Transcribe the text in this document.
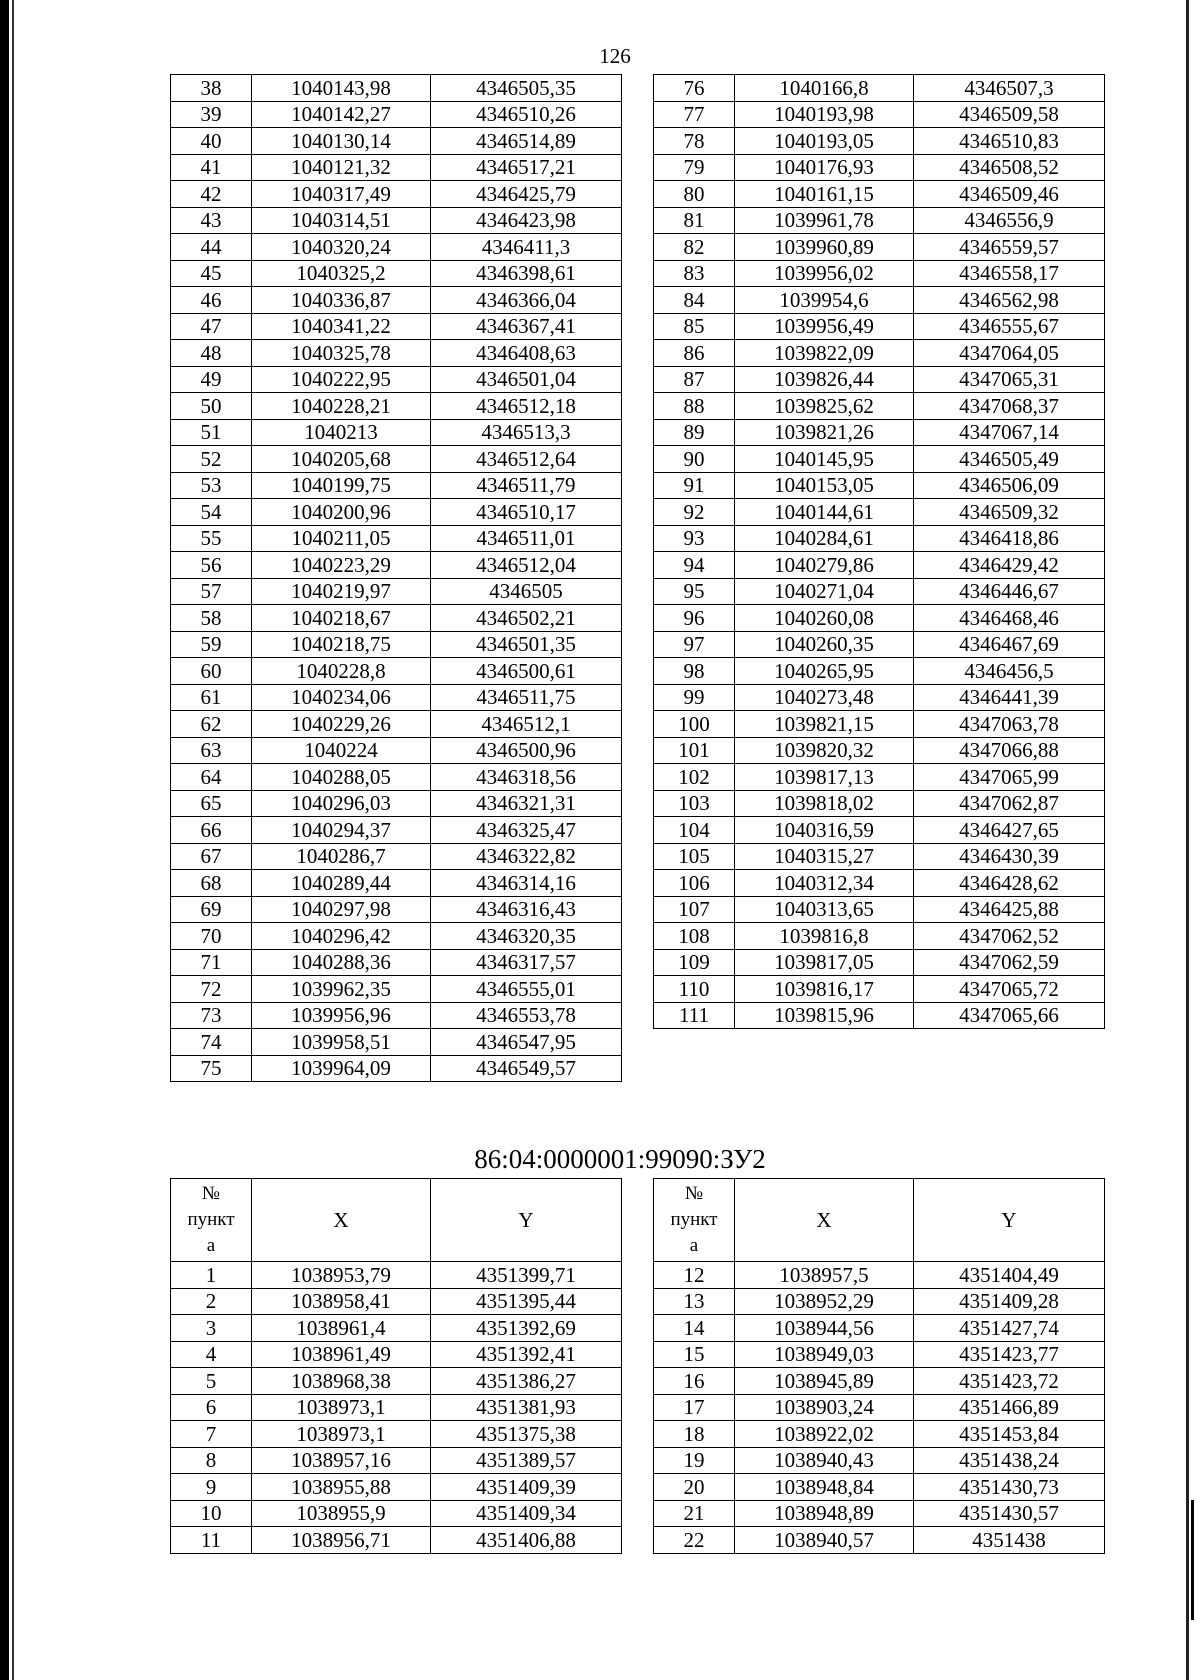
126
38	1040143,98	4346505,35
39	1040142,27	4346510,26
40	1040130,14	4346514,89
41	1040121,32	4346517,21
42	1040317,49	4346425,79
43	1040314,51	4346423,98
44	1040320,24	4346411,3
45	1040325,2	4346398,61
46	1040336,87	4346366,04
47	1040341,22	4346367,41
48	1040325,78	4346408,63
49	1040222,95	4346501,04
50	1040228,21	4346512,18
51	1040213	4346513,3
52	1040205,68	4346512,64
53	1040199,75	4346511,79
54	1040200,96	4346510,17
55	1040211,05	4346511,01
56	1040223,29	4346512,04
57	1040219,97	4346505
58	1040218,67	4346502,21
59	1040218,75	4346501,35
60	1040228,8	4346500,61
61	1040234,06	4346511,75
62	1040229,26	4346512,1
63	1040224	4346500,96
64	1040288,05	4346318,56
65	1040296,03	4346321,31
66	1040294,37	4346325,47
67	1040286,7	4346322,82
68	1040289,44	4346314,16
69	1040297,98	4346316,43
70	1040296,42	4346320,35
71	1040288,36	4346317,57
72	1039962,35	4346555,01
73	1039956,96	4346553,78
74	1039958,51	4346547,95
75	1039964,09	4346549,57
76	1040166,8	4346507,3
77	1040193,98	4346509,58
78	1040193,05	4346510,83
79	1040176,93	4346508,52
80	1040161,15	4346509,46
81	1039961,78	4346556,9
82	1039960,89	4346559,57
83	1039956,02	4346558,17
84	1039954,6	4346562,98
85	1039956,49	4346555,67
86	1039822,09	4347064,05
87	1039826,44	4347065,31
88	1039825,62	4347068,37
89	1039821,26	4347067,14
90	1040145,95	4346505,49
91	1040153,05	4346506,09
92	1040144,61	4346509,32
93	1040284,61	4346418,86
94	1040279,86	4346429,42
95	1040271,04	4346446,67
96	1040260,08	4346468,46
97	1040260,35	4346467,69
98	1040265,95	4346456,5
99	1040273,48	4346441,39
100	1039821,15	4347063,78
101	1039820,32	4347066,88
102	1039817,13	4347065,99
103	1039818,02	4347062,87
104	1040316,59	4346427,65
105	1040315,27	4346430,39
106	1040312,34	4346428,62
107	1040313,65	4346425,88
108	1039816,8	4347062,52
109	1039817,05	4347062,59
110	1039816,17	4347065,72
111	1039815,96	4347065,66
86:04:0000001:99090:ЗУ2
№
пункт
а	X	Y
1	1038953,79	4351399,71
2	1038958,41	4351395,44
3	1038961,4	4351392,69
4	1038961,49	4351392,41
5	1038968,38	4351386,27
6	1038973,1	4351381,93
7	1038973,1	4351375,38
8	1038957,16	4351389,57
9	1038955,88	4351409,39
10	1038955,9	4351409,34
11	1038956,71	4351406,88
№
пункт
а	X	Y
12	1038957,5	4351404,49
13	1038952,29	4351409,28
14	1038944,56	4351427,74
15	1038949,03	4351423,77
16	1038945,89	4351423,72
17	1038903,24	4351466,89
18	1038922,02	4351453,84
19	1038940,43	4351438,24
20	1038948,84	4351430,73
21	1038948,89	4351430,57
22	1038940,57	4351438
